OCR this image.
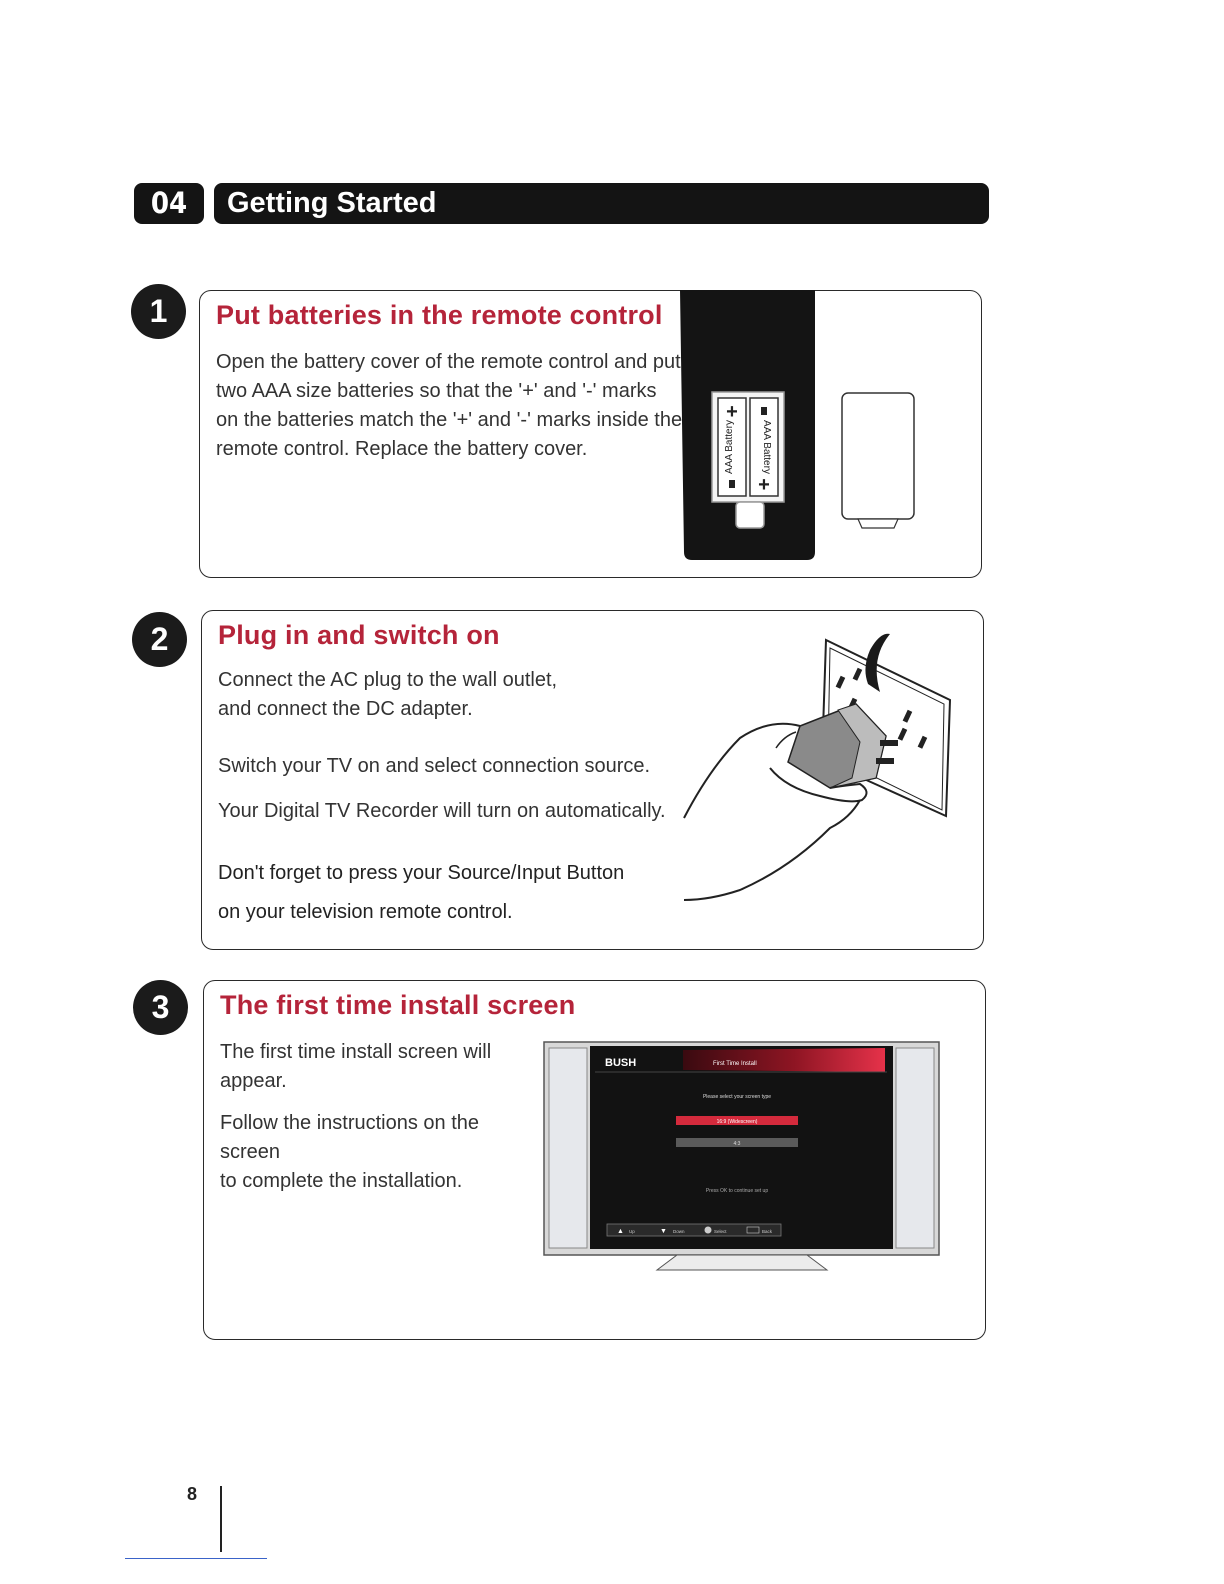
04	Getting Started
1	Put batteries in the remote control

Open the battery cover of the remote control and put

two AAA size batteries so that the '+' and '-' marks

on the batteries match the '+' and '-' marks inside the

remote control. Replace the battery cover.	AAA Battery	AAA Battery
+
+
2	Plug in and switch on

Connect the AC plug to the wall outlet,

and connect the DC adapter.

Switch your TV on and select connection source.

Your Digital TV Recorder will turn on automatically.

Don't forget to press your Source/Input Button

on your television remote control.

3	The first time install screen

The first time install screen will

appear.

Follow the instructions on the screen

to complete the installation.

BUSH	First Time Install
Please select your screen type
16:9 (Widescreen)
4:3
Press OK to continue set up
▲ Up	▼ Down	Select	Back
8
